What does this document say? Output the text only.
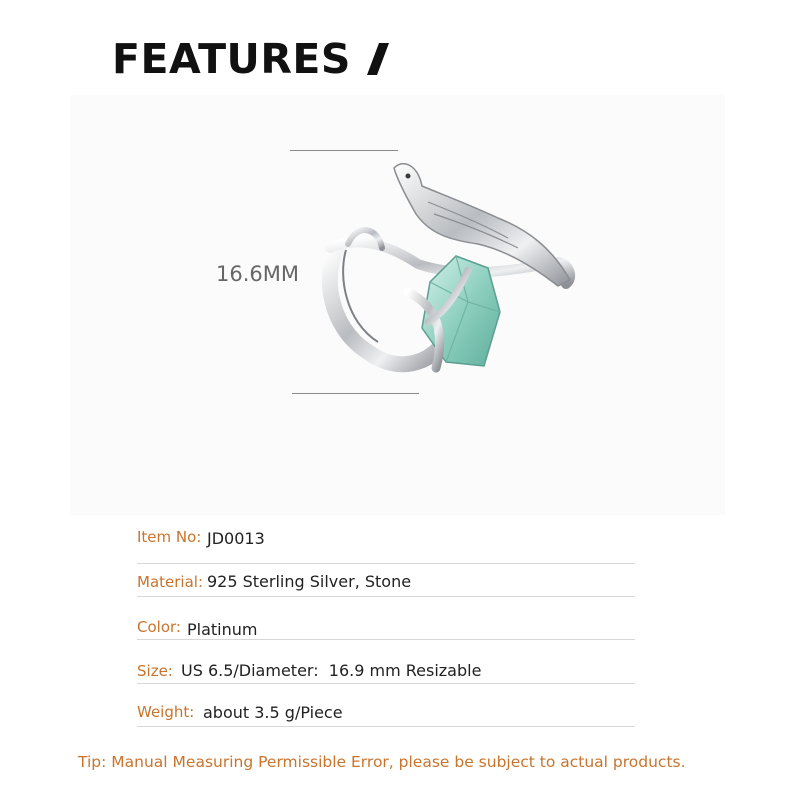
FEATURES
16.6MM
Item No: JD0013
Material: 925 Sterling Silver, Stone
Color: Platinum
Size: US 6.5/Diameter:  16.9 mm Resizable
Weight: about 3.5 g/Piece
Tip: Manual Measuring Permissible Error, please be subject to actual products.
